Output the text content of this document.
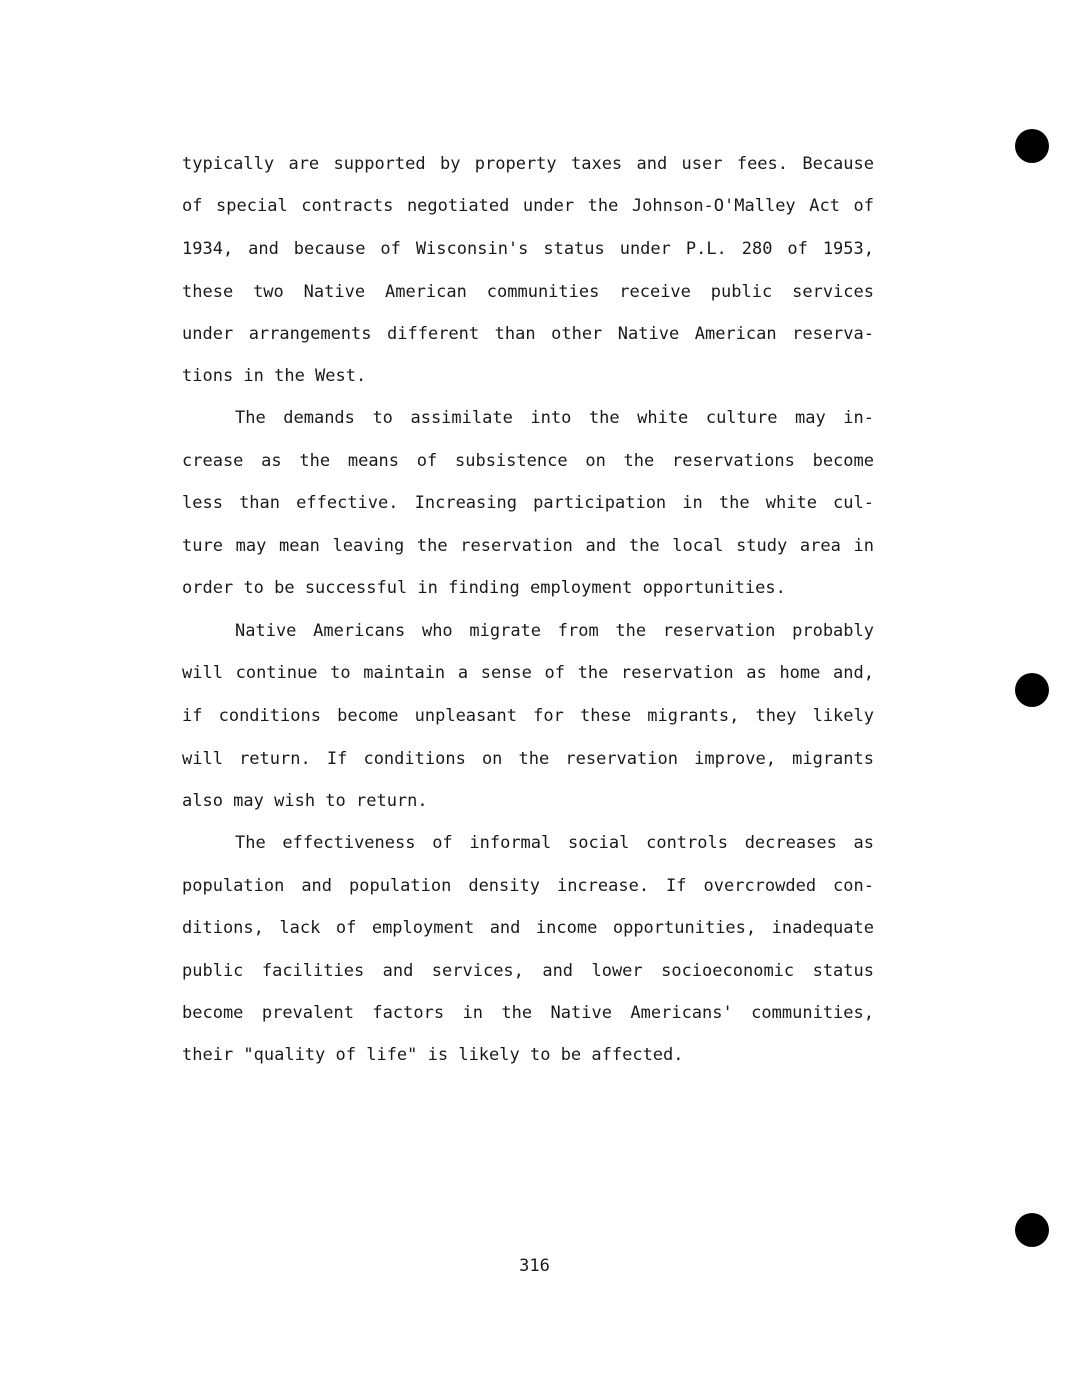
typically are supported by property taxes and user fees. Because

of special contracts negotiated under the Johnson-O'Malley Act of

1934, and because of Wisconsin's status under P.L. 280 of 1953,

these two Native American communities receive public services

under arrangements different than other Native American reserva-

tions in the West.

The demands to assimilate into the white culture may in-

crease as the means of subsistence on the reservations become

less than effective. Increasing participation in the white cul-

ture may mean leaving the reservation and the local study area in

order to be successful in finding employment opportunities.

Native Americans who migrate from the reservation probably

will continue to maintain a sense of the reservation as home and,

if conditions become unpleasant for these migrants, they likely

will return. If conditions on the reservation improve, migrants

also may wish to return.

The effectiveness of informal social controls decreases as

population and population density increase. If overcrowded con-

ditions, lack of employment and income opportunities, inadequate

public facilities and services, and lower socioeconomic status

become prevalent factors in the Native Americans' communities,

their "quality of life" is likely to be affected.

316
